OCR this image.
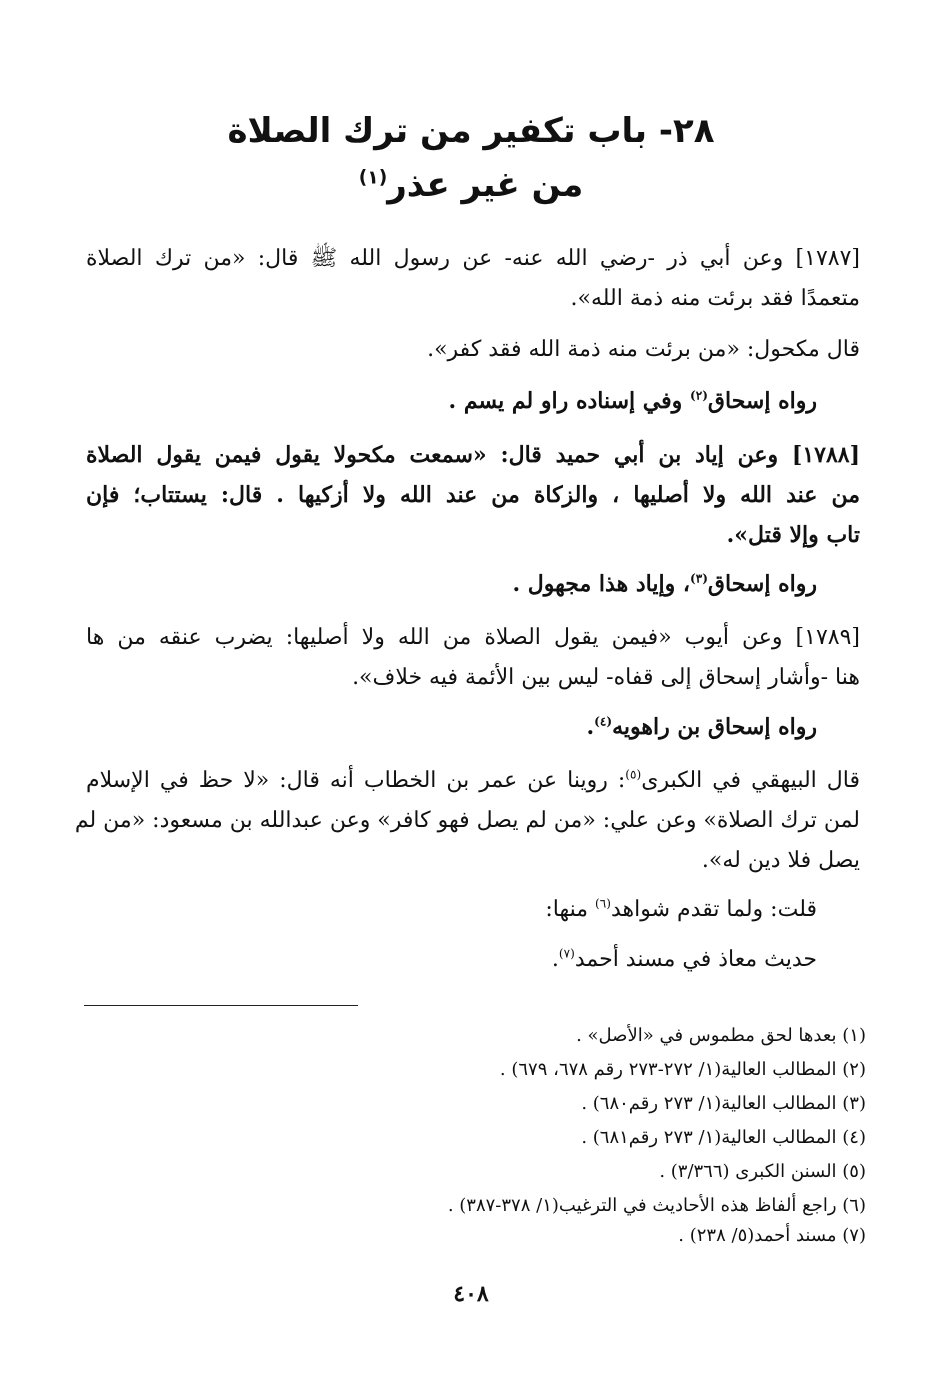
٢٨- باب تكفير من ترك الصلاة
من غير عذر$^{(١)}$
[١٧٨٧] وعن أبي ذر -رضي الله عنه- عن رسول الله ﷺ قال: «من ترك الصلاة
متعمدًا فقد برئت منه ذمة الله».
قال مكحول: «من برئت منه ذمة الله فقد كفر».
رواه إسحاق$^{(٢)}$ وفي إسناده راو لم يسم .
[١٧٨٨] وعن إياد بن أبي حميد قال: «سمعت مكحولا يقول فيمن يقول الصلاة
من عند الله ولا أصليها ، والزكاة من عند الله ولا أزكيها . قال: يستتاب؛ فإن
تاب وإلا قتل».
رواه إسحاق$^{(٣)}$، وإياد هذا مجهول .
[١٧٨٩] وعن أيوب «فيمن يقول الصلاة من الله ولا أصليها: يضرب عنقه من ها
هنا -وأشار إسحاق إلى قفاه- ليس بين الأئمة فيه خلاف».
رواه إسحاق بن راهويه$^{(٤)}$.
قال البيهقي في الكبرى$^{(٥)}$: روينا عن عمر بن الخطاب أنه قال: «لا حظ في الإسلام
لمن ترك الصلاة» وعن علي: «من لم يصل فهو كافر» وعن عبدالله بن مسعود: «من لم
يصل فلا دين له».
قلت: ولما تقدم شواهد$^{(٦)}$ منها:
حديث معاذ في مسند أحمد$^{(٧)}$.
(١) بعدها لحق مطموس في «الأصل» .
(٢) المطالب العالية(١/ ٢٧٢-٢٧٣ رقم ٦٧٨، ٦٧٩) .
(٣) المطالب العالية(١/ ٢٧٣ رقم٦٨٠) .
(٤) المطالب العالية(١/ ٢٧٣ رقم٦٨١) .
(٥) السنن الكبرى (٣/٣٦٦) .
(٦) راجع ألفاظ هذه الأحاديث في الترغيب(١/ ٣٧٨-٣٨٧) .
(٧) مسند أحمد(٥/ ٢٣٨) .
٤٠٨
